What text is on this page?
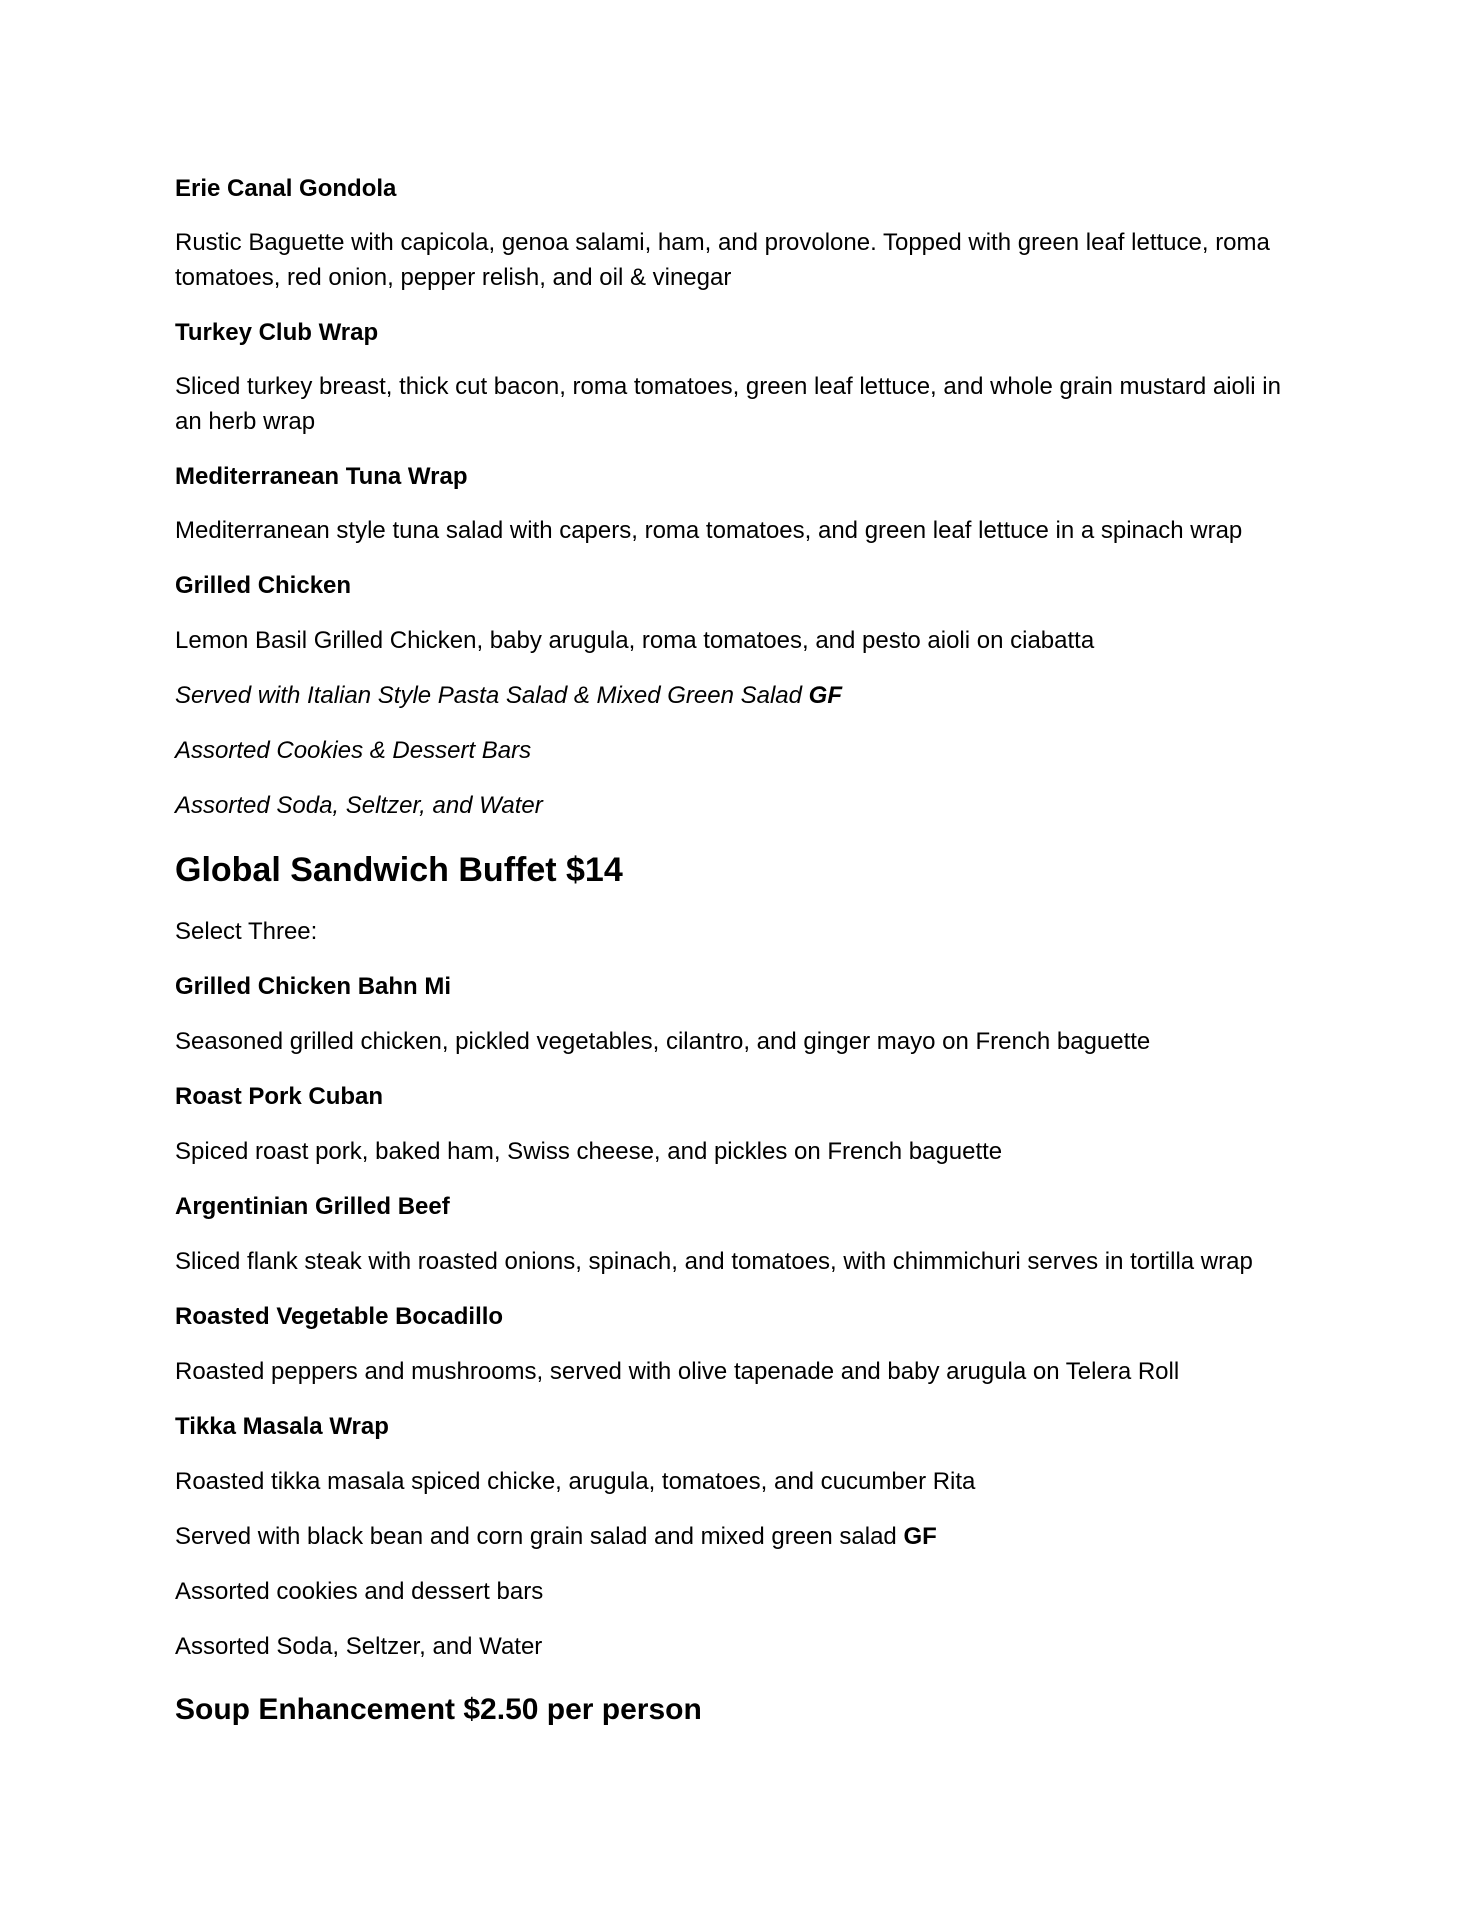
Erie Canal Gondola
Rustic Baguette with capicola, genoa salami, ham, and provolone. Topped with green leaf lettuce, roma
tomatoes, red onion, pepper relish, and oil & vinegar
Turkey Club Wrap
Sliced turkey breast, thick cut bacon, roma tomatoes, green leaf lettuce, and whole grain mustard aioli in
an herb wrap
Mediterranean Tuna Wrap
Mediterranean style tuna salad with capers, roma tomatoes, and green leaf lettuce in a spinach wrap
Grilled Chicken
Lemon Basil Grilled Chicken, baby arugula, roma tomatoes, and pesto aioli on ciabatta
Served with Italian Style Pasta Salad & Mixed Green Salad GF
Assorted Cookies & Dessert Bars
Assorted Soda, Seltzer, and Water
Global Sandwich Buffet $14
Select Three:
Grilled Chicken Bahn Mi
Seasoned grilled chicken, pickled vegetables, cilantro, and ginger mayo on French baguette
Roast Pork Cuban
Spiced roast pork, baked ham, Swiss cheese, and pickles on French baguette
Argentinian Grilled Beef
Sliced flank steak with roasted onions, spinach, and tomatoes, with chimmichuri serves in tortilla wrap
Roasted Vegetable Bocadillo
Roasted peppers and mushrooms, served with olive tapenade and baby arugula on Telera Roll
Tikka Masala Wrap
Roasted tikka masala spiced chicke, arugula, tomatoes, and cucumber Rita
Served with black bean and corn grain salad and mixed green salad GF
Assorted cookies and dessert bars
Assorted Soda, Seltzer, and Water
Soup Enhancement $2.50 per person
